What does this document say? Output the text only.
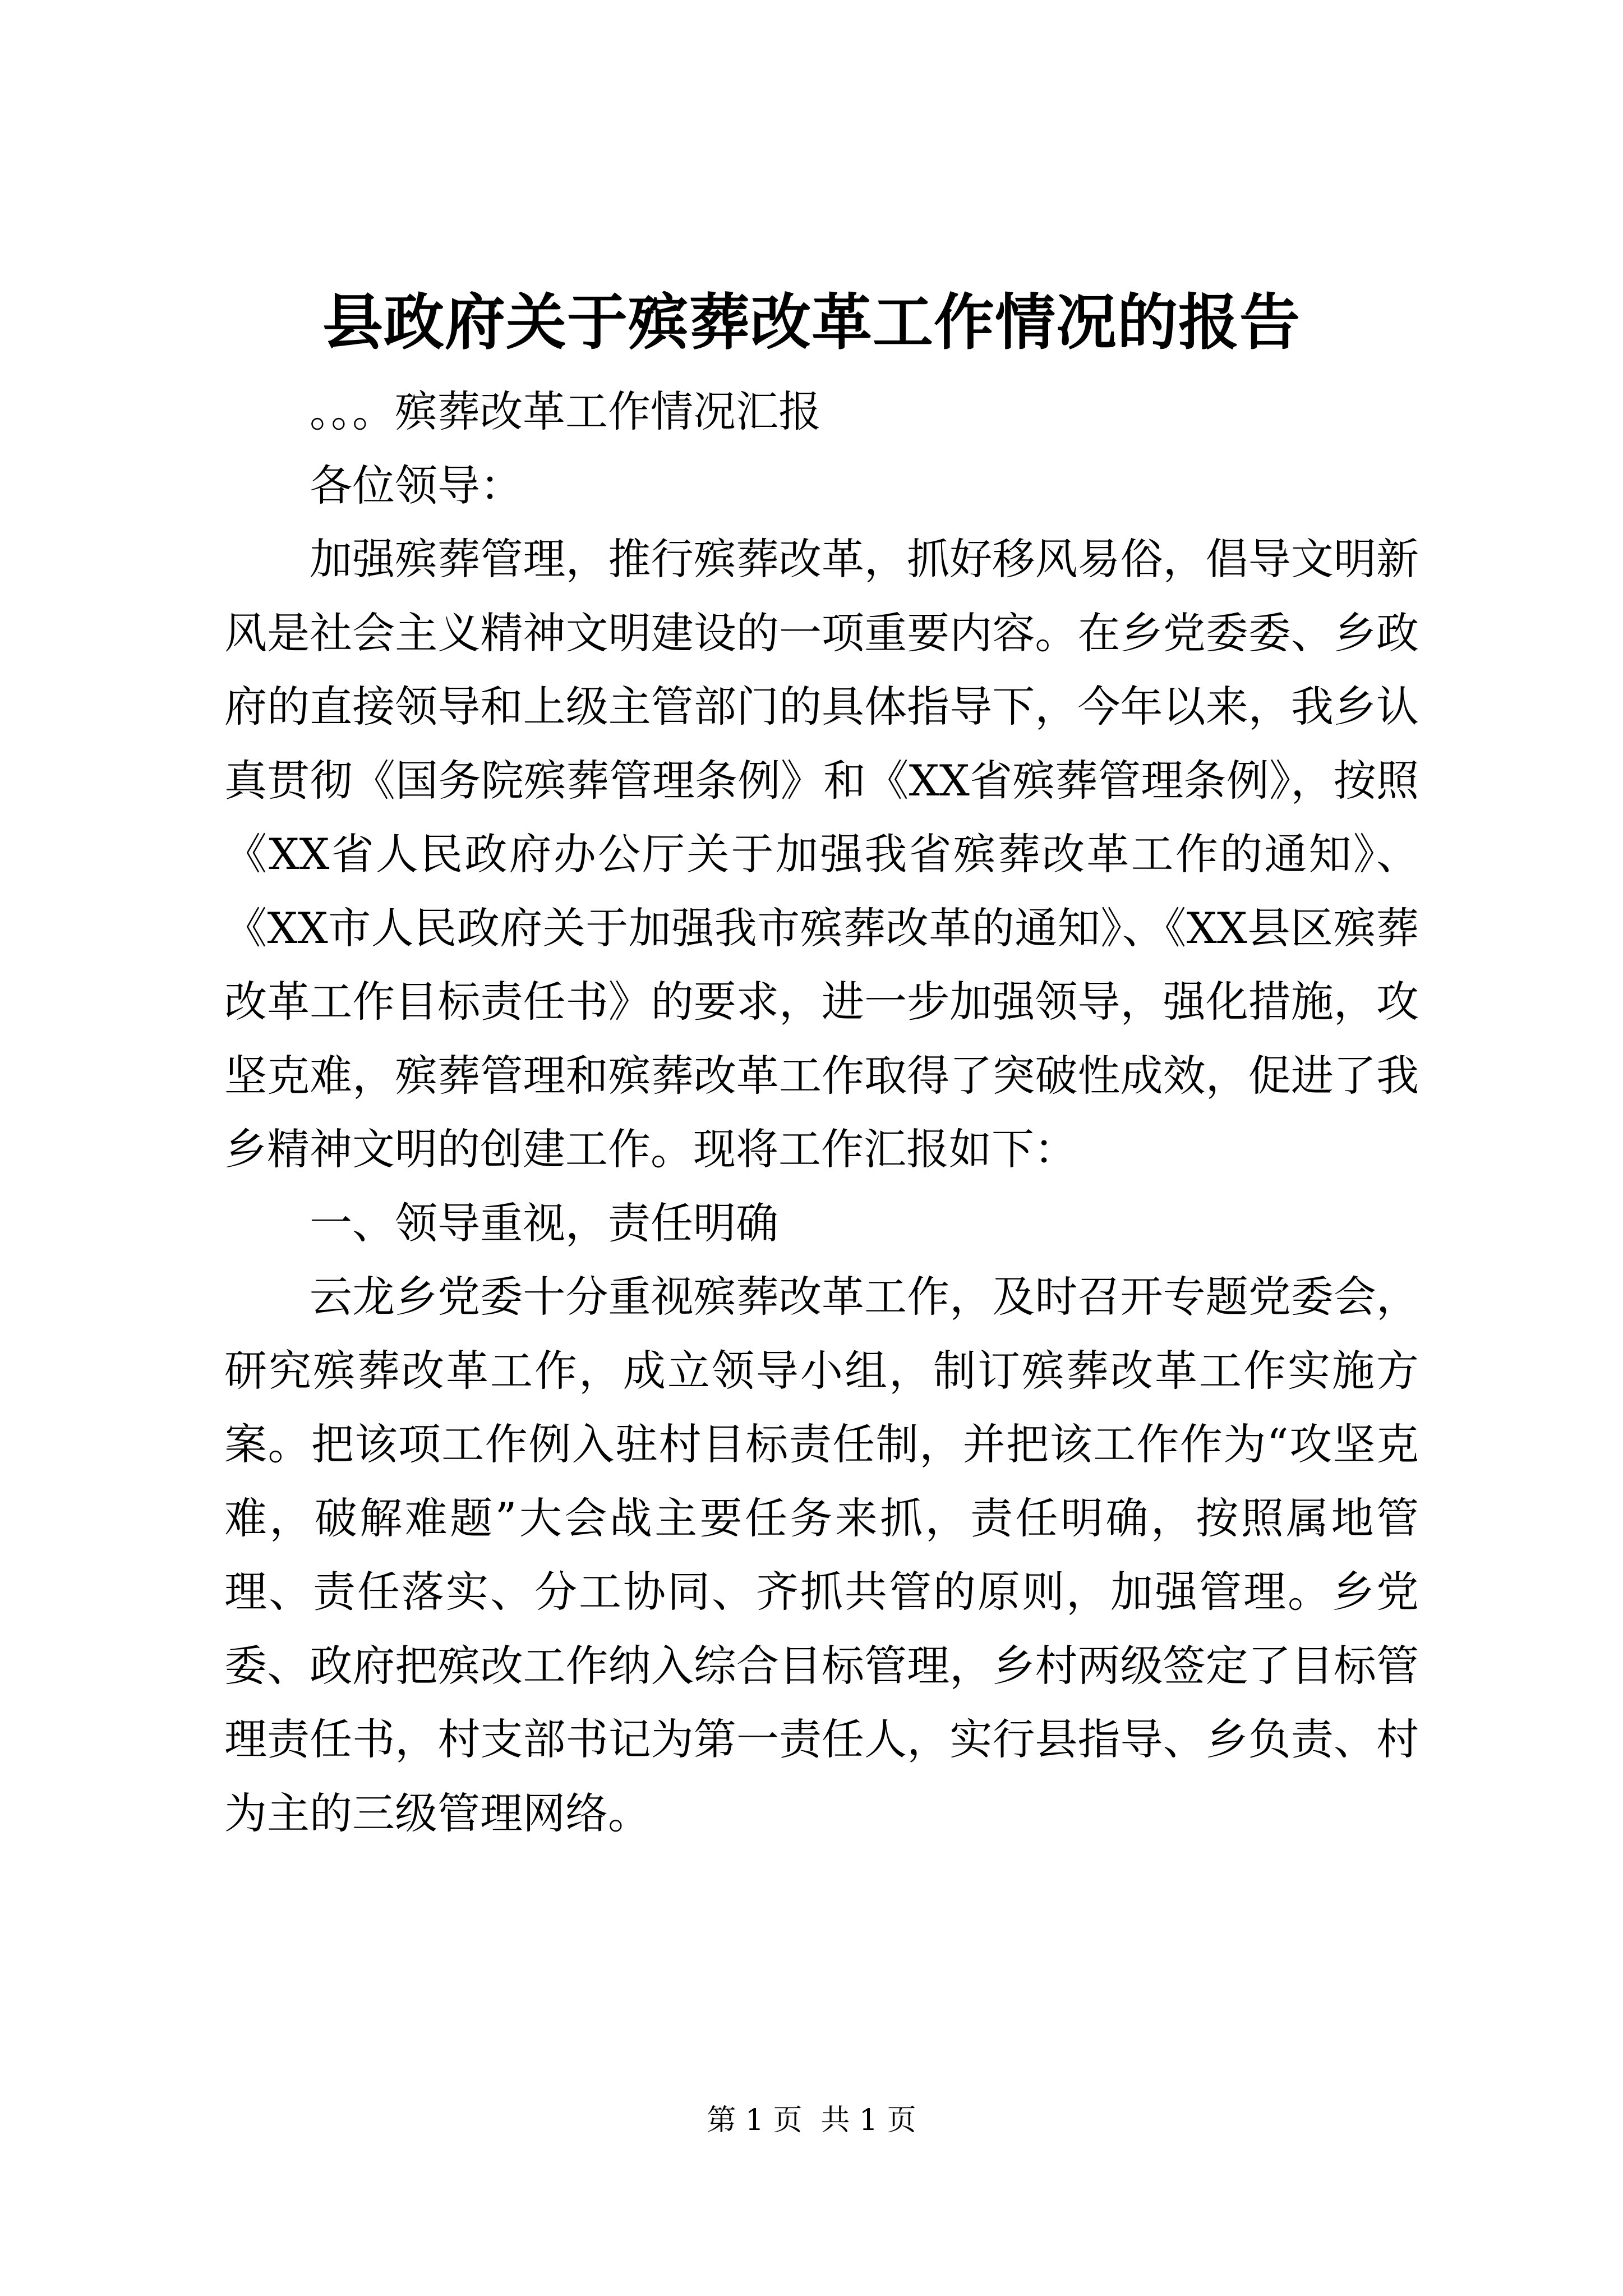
县政府关于殡葬改革工作情况的报告

。。。殡葬改革工作情况汇报

各位领导：

加强殡葬管理，推行殡葬改革，抓好移风易俗，倡导文明新风是社会主义精神文明建设的一项重要内容。在乡党委委、乡政府的直接领导和上级主管部门的具体指导下，今年以来，我乡认真贯彻《国务院殡葬管理条例》和《XX省殡葬管理条例》，按照《XX省人民政府办公厅关于加强我省殡葬改革工作的通知》、《XX市人民政府关于加强我市殡葬改革的通知》、《XX县区殡葬改革工作目标责任书》的要求，进一步加强领导，强化措施，攻坚克难，殡葬管理和殡葬改革工作取得了突破性成效，促进了我乡精神文明的创建工作。现将工作汇报如下：

一、领导重视，责任明确

云龙乡党委十分重视殡葬改革工作，及时召开专题党委会，研究殡葬改革工作，成立领导小组，制订殡葬改革工作实施方案。把该项工作例入驻村目标责任制，并把该工作作为“攻坚克难，破解难题”大会战主要任务来抓，责任明确，按照属地管理、责任落实、分工协同、齐抓共管的原则，加强管理。乡党委、政府把殡改工作纳入综合目标管理，乡村两级签定了目标管理责任书，村支部书记为第一责任人，实行县指导、乡负责、村为主的三级管理网络。

第 1 页  共 1 页
